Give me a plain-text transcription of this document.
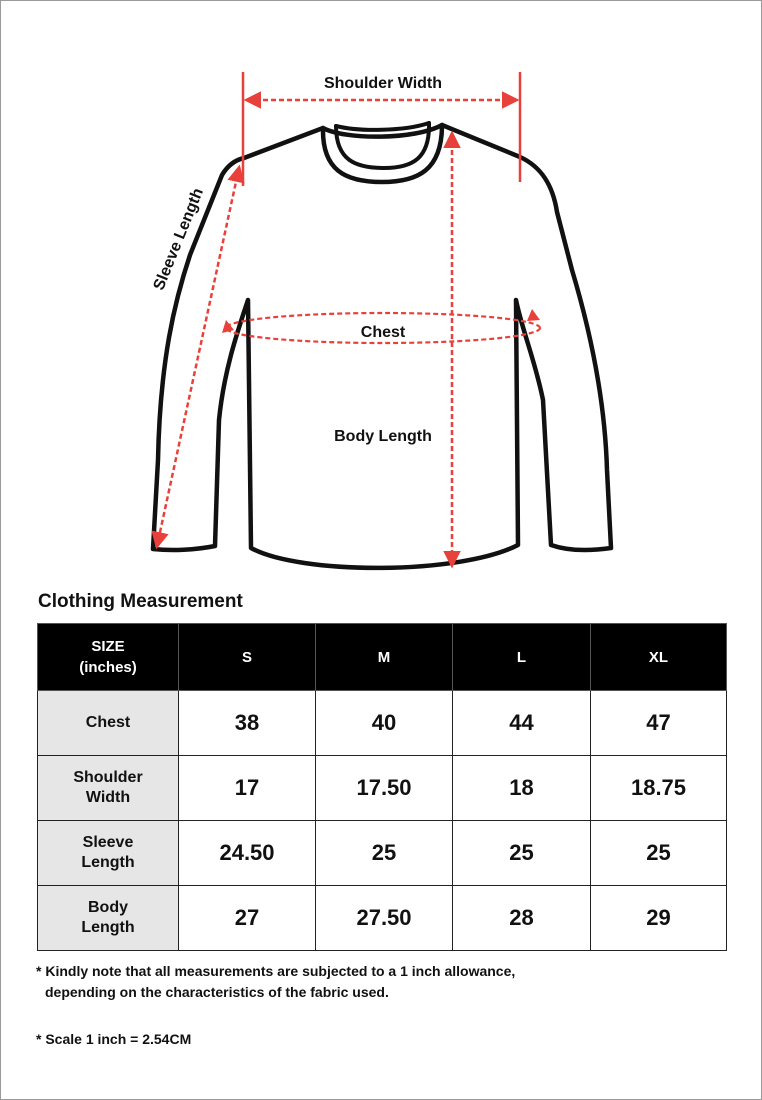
Shoulder Width
Sleeve Length
Chest
Body Length
Clothing Measurement
SIZE
(inches)	S	M	L	XL
Chest	38	40	44	47
Shoulder
Width	17	17.50	18	18.75
Sleeve
Length	24.50	25	25	25
Body
Length	27	27.50	28	29

* Kindly note that all measurements are subjected to a 1 inch allowance,
depending on the characteristics of the fabric used.

* Scale 1 inch = 2.54CM
